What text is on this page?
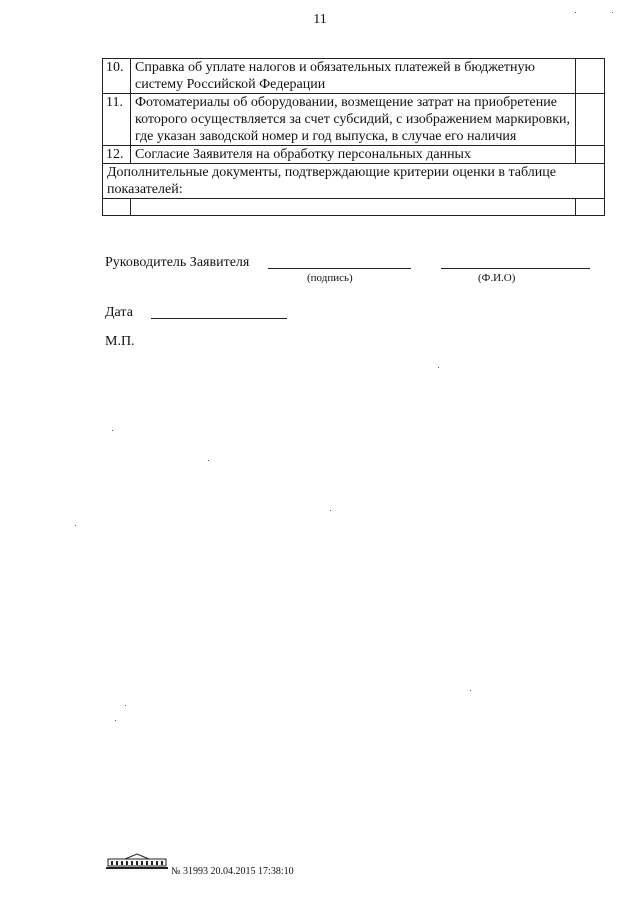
11
10.	Справка об уплате налогов и обязательных платежей в бюджетную систему Российской Федерации	
11.	Фотоматериалы об оборудовании, возмещение затрат на приобретение которого осуществляется за счет субсидий, с изображением маркировки, где указан заводской номер и год выпуска, в случае его наличия	
12.	Согласие Заявителя на обработку персональных данных	
Дополнительные документы, подтверждающие критерии оценки в таблице показателей:		

Руководитель Заявителя
(подпись)	(Ф.И.О)
Дата
М.П.
№ 31993 20.04.2015 17:38:10
